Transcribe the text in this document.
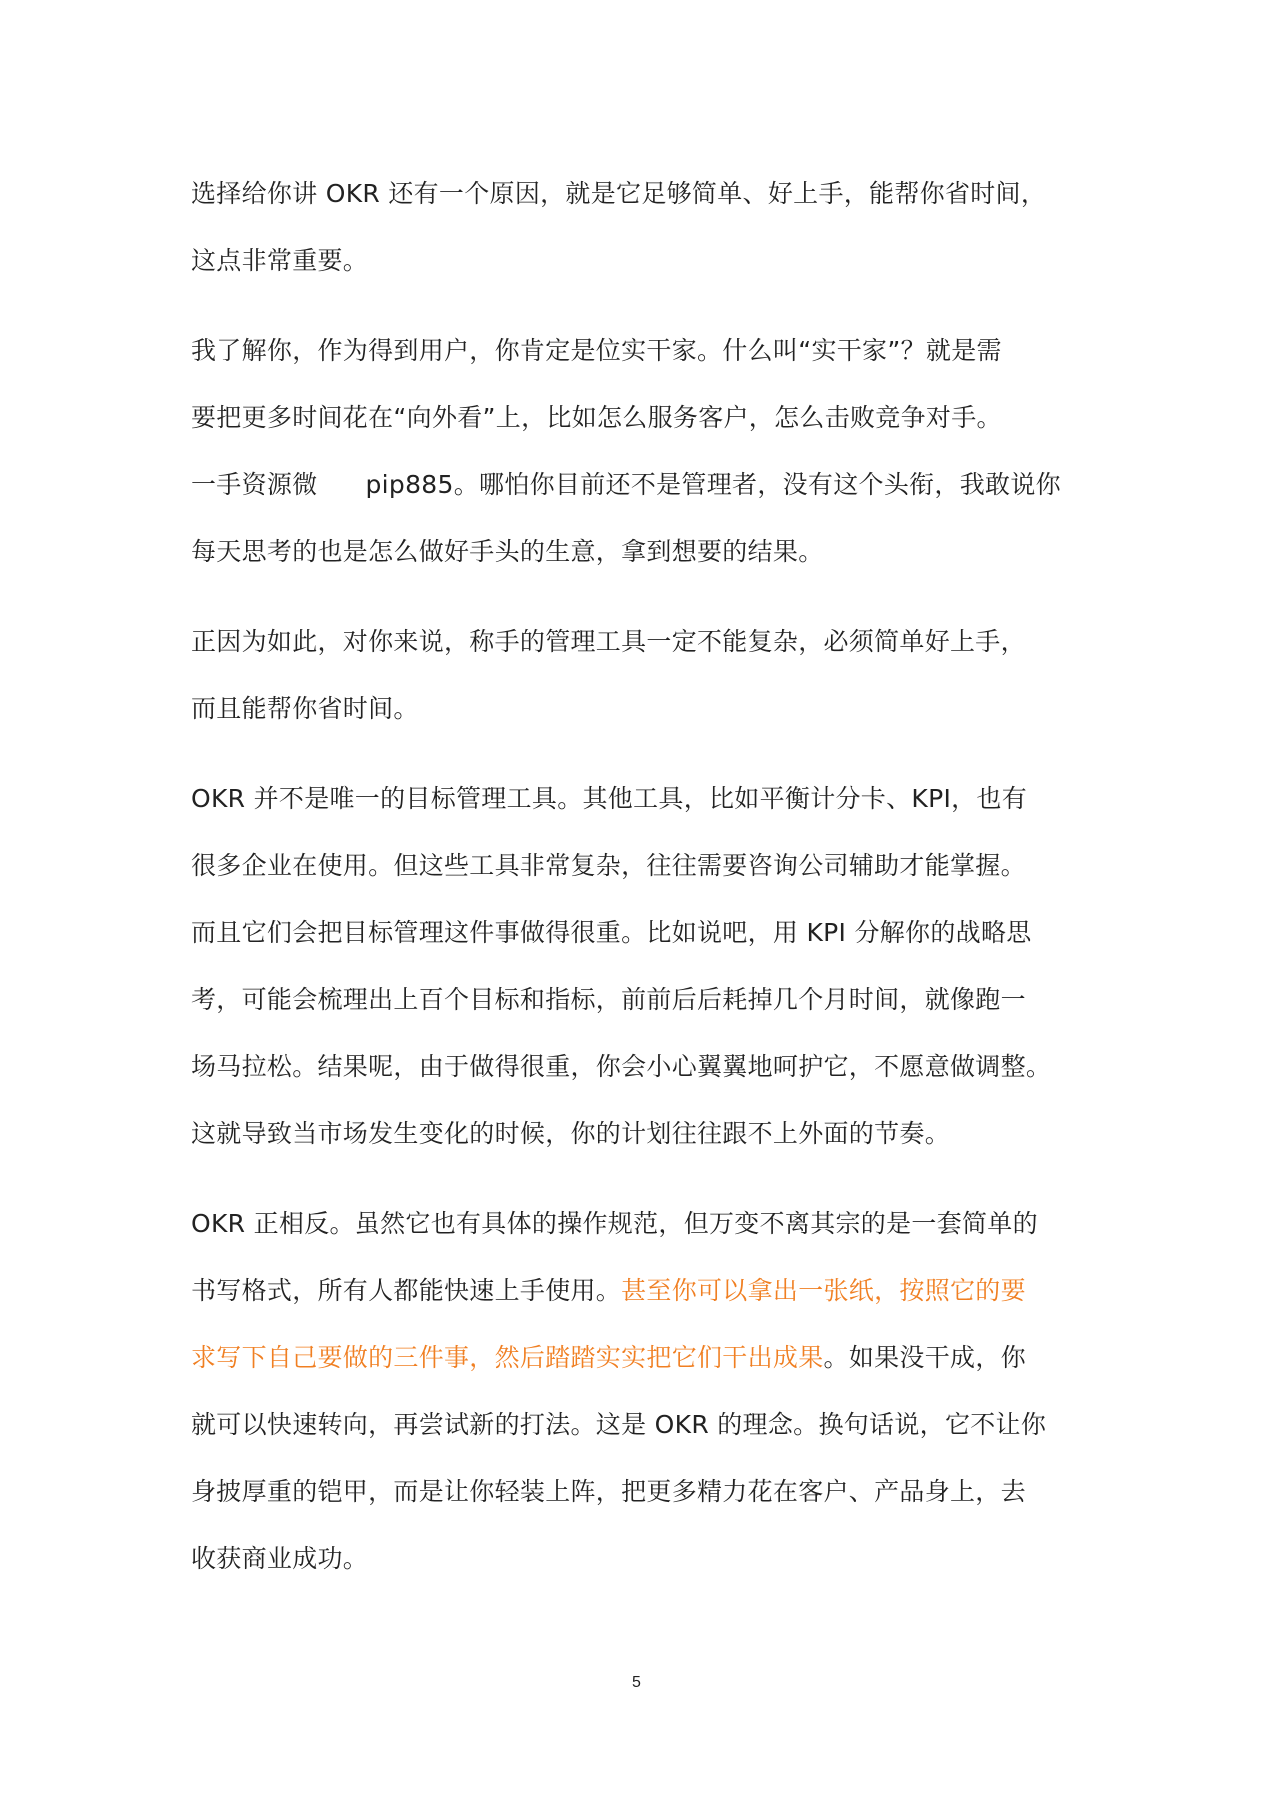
选择给你讲 OKR 还有一个原因，就是它足够简单、好上手，能帮你省时间，
这点非常重要。
我了解你，作为得到用户，你肯定是位实干家。什么叫“实干家”？就是需
要把更多时间花在“向外看”上，比如怎么服务客户，怎么击败竞争对手。
一手资源微 pip885。哪怕你目前还不是管理者，没有这个头衔，我敢说你
每天思考的也是怎么做好手头的生意，拿到想要的结果。
正因为如此，对你来说，称手的管理工具一定不能复杂，必须简单好上手，
而且能帮你省时间。
OKR 并不是唯一的目标管理工具。其他工具，比如平衡计分卡、KPI，也有
很多企业在使用。但这些工具非常复杂，往往需要咨询公司辅助才能掌握。
而且它们会把目标管理这件事做得很重。比如说吧，用 KPI 分解你的战略思
考，可能会梳理出上百个目标和指标，前前后后耗掉几个月时间，就像跑一
场马拉松。结果呢，由于做得很重，你会小心翼翼地呵护它，不愿意做调整。
这就导致当市场发生变化的时候，你的计划往往跟不上外面的节奏。
OKR 正相反。虽然它也有具体的操作规范，但万变不离其宗的是一套简单的
书写格式，所有人都能快速上手使用。甚至你可以拿出一张纸，按照它的要
求写下自己要做的三件事，然后踏踏实实把它们干出成果。如果没干成，你
就可以快速转向，再尝试新的打法。这是 OKR 的理念。换句话说，它不让你
身披厚重的铠甲，而是让你轻装上阵，把更多精力花在客户、产品身上，去
收获商业成功。
5
